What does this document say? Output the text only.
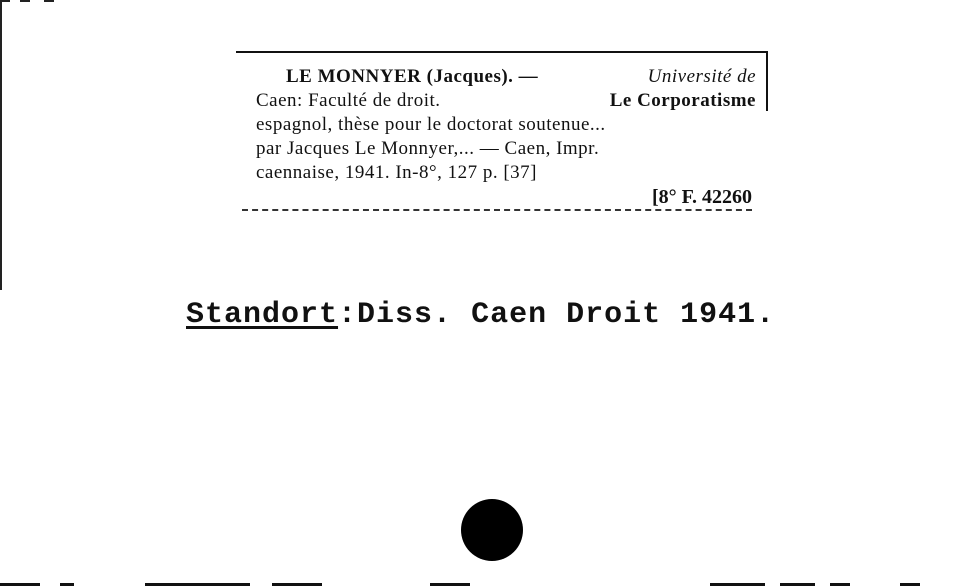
LE MONNYER (Jacques). —	Université de
Caen: Faculté de droit.	Le Corporatisme
espagnol, thèse pour le doctorat soutenue...
par Jacques Le Monnyer,... — Caen, Impr.
caennaise, 1941. In-8°, 127 p. [37]
[8° F. 42260
Standort:Diss. Caen Droit 1941.
